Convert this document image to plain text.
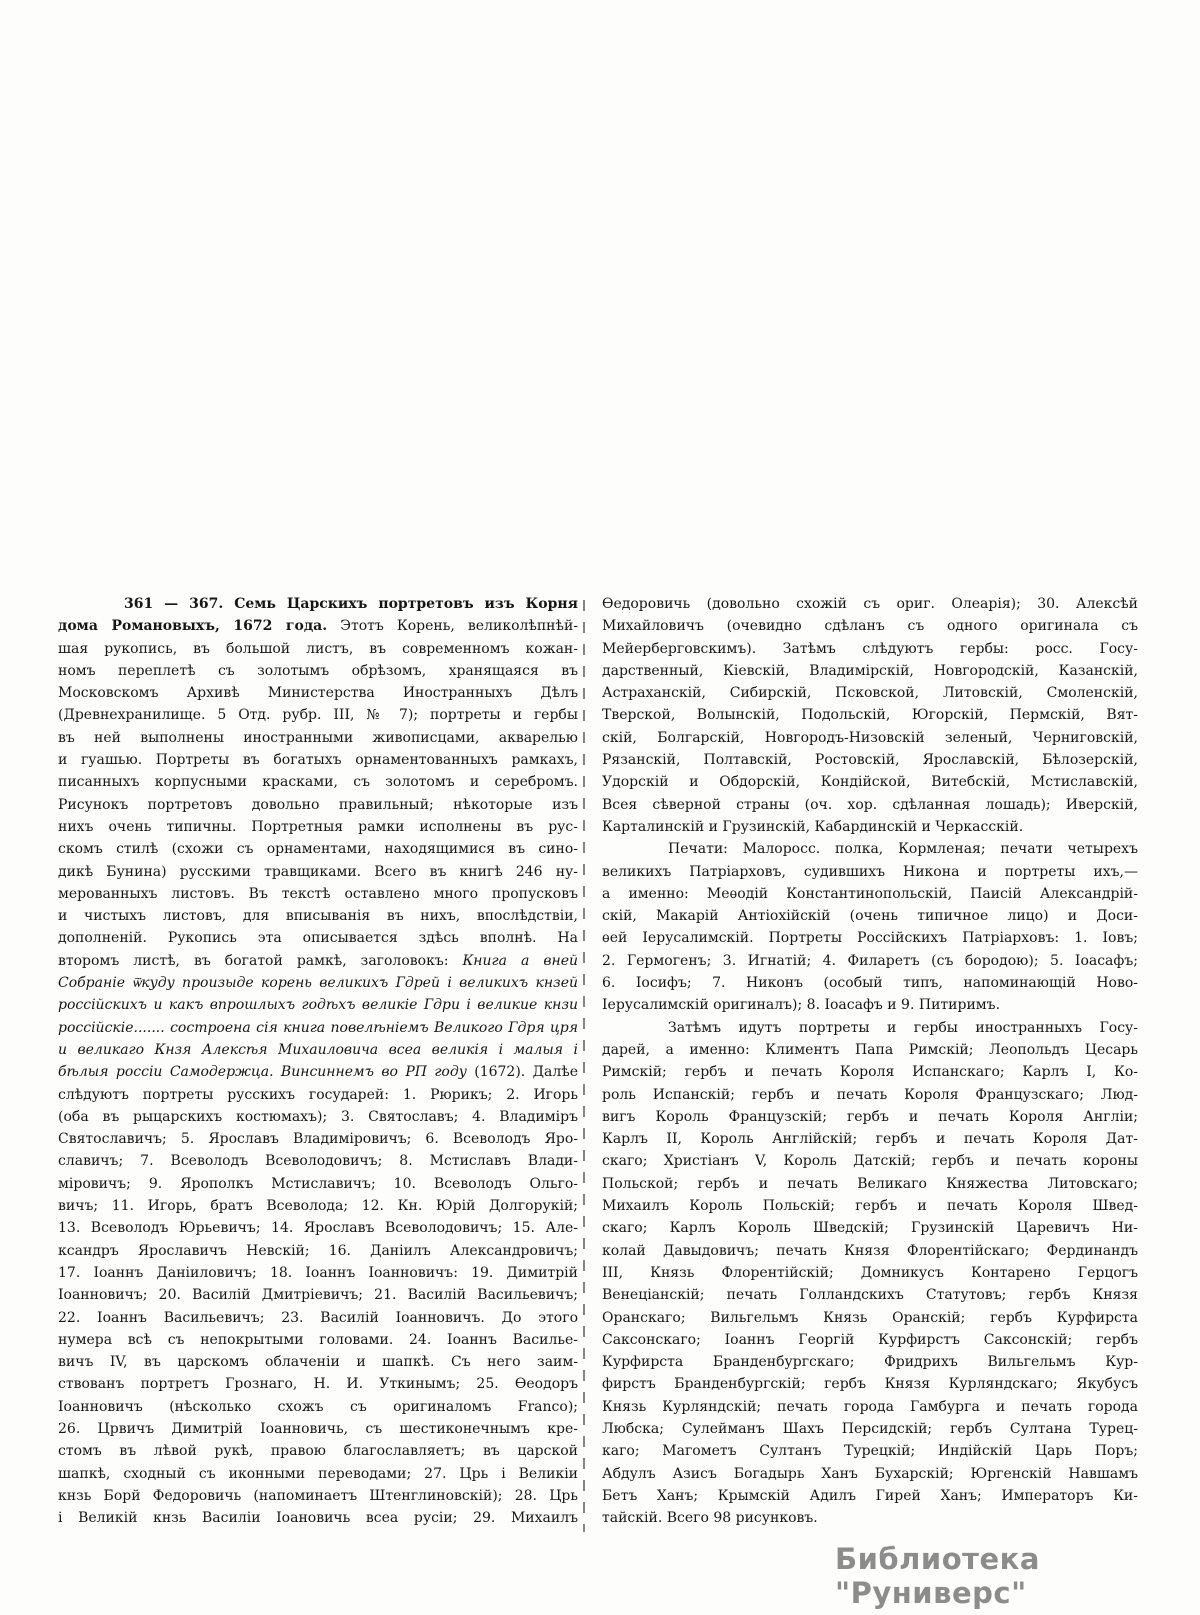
361 — 367. Семь Царскихъ портретовъ изъ Корня
дома Романовыхъ, 1672 года. Этотъ Корень, великолѣпнѣй-
шая рукопись, въ большой листъ, въ современномъ кожан-
номъ переплетѣ съ золотымъ обрѣзомъ, хранящаяся въ
Московскомъ Архивѣ Министерства Иностранныхъ Дѣлъ
(Древнехранилище. 5 Отд. рубр. III, № 7); портреты и гербы
въ ней выполнены иностранными живописцами, акварелью
и гуашью. Портреты въ богатыхъ орнаментованныхъ рамкахъ,
писанныхъ корпусными красками, съ золотомъ и серебромъ.
Рисунокъ портретовъ довольно правильный; нѣкоторые изъ
нихъ очень типичны. Портретныя рамки исполнены въ рус-
скомъ стилѣ (схожи съ орнаментами, находящимися въ сино-
дикѣ Бунина) русскими травщиками. Всего въ книгѣ 246 ну-
мерованныхъ листовъ. Въ текстѣ оставлено много пропусковъ
и чистыхъ листовъ, для вписыванія въ нихъ, впослѣдствіи,
дополненій. Рукопись эта описывается здѣсь вполнѣ. На
второмъ листѣ, въ богатой рамкѣ, заголовокъ: Книга а вней
Собраніе ѿкуду произыде корень великихъ Гдрей і великихъ кнзей
россійскихъ и какъ впрошлыхъ годѣхъ великіе Гдри і великие кнзи
россійскіе....... состроена сія книга повелѣніемъ Великого Гдря цря
и великаго Кнзя Алексѣя Михаиловича всеа великія і малыя і
бѣлыя россіи Самодержца. Винсиннемъ во РП году (1672). Далѣе
слѣдуютъ портреты русскихъ государей: 1. Рюрикъ; 2. Игорь
(оба въ рыцарскихъ костюмахъ); 3. Святославъ; 4. Владиміръ
Святославичъ; 5. Ярославъ Владиміровичъ; 6. Всеволодъ Яро-
славичъ; 7. Всеволодъ Всеволодовичъ; 8. Мстиславъ Влади-
міровичъ; 9. Ярополкъ Мстиславичъ; 10. Всеволодъ Ольго-
вичъ; 11. Игорь, братъ Всеволода; 12. Кн. Юрій Долгорукій;
13. Всеволодъ Юрьевичъ; 14. Ярославъ Всеволодовичъ; 15. Але-
ксандръ Ярославичъ Невскій; 16. Даніилъ Александровичъ;
17. Іоаннъ Даніиловичъ; 18. Іоаннъ Іоанновичъ: 19. Димитрій
Іоанновичъ; 20. Василій Дмитріевичъ; 21. Василій Васильевичъ;
22. Іоаннъ Васильевичъ; 23. Василій Іоанновичъ. До этого
нумера всѣ съ непокрытыми головами. 24. Іоаннъ Василье-
вичъ IV, въ царскомъ облаченіи и шапкѣ. Съ него заим-
ствованъ портретъ Грознаго, Н. И. Уткинымъ; 25. Ѳеодоръ
Іоанновичъ (нѣсколько схожъ съ оригиналомъ Franco);
26. Црвичъ Димитрій Іоанновичь, съ шестиконечнымъ кре-
стомъ въ лѣвой рукѣ, правою благославляетъ; въ царской
шапкѣ, сходный съ иконными переводами; 27. Црь і Великіи
кнзь Борй Федоровичь (напоминаетъ Штенглиновскій); 28. Црь
і Великій кнзь Василіи Іоановичь всеа русіи; 29. Михаилъ
Ѳедоровичь (довольно схожій съ ориг. Олеарія); 30. Алексѣй
Михайловичъ (очевидно сдѣланъ съ одного оригинала съ
Мейерберговскимъ). Затѣмъ слѣдуютъ гербы: росс. Госу-
дарственный, Кіевскій, Владимірскій, Новгородскій, Казанскій,
Астраханскій, Сибирскій, Псковской, Литовскій, Смоленскій,
Тверской, Волынскій, Подольскій, Югорскій, Пермскій, Вят-
скій, Болгарскій, Новгородъ-Низовскій зеленый, Черниговскій,
Рязанскій, Полтавскій, Ростовскій, Ярославскій, Бѣлозерскій,
Удорскій и Обдорскій, Кондійской, Витебскій, Мстиславскій,
Всея сѣверной страны (оч. хор. сдѣланная лошадь); Иверскій,
Карталинскій и Грузинскій, Кабардинскій и Черкасскій.
Печати: Малоросс. полка, Кормленая; печати четырехъ
великихъ Патріарховъ, судившихъ Никона и портреты ихъ,—
а именно: Меѳодій Константинопольскій, Паисій Александрій-
скій, Макарій Антіохійскій (очень типичное лицо) и Доси-
ѳей Іерусалимскій. Портреты Россійскихъ Патріарховъ: 1. Іовъ;
2. Гермогенъ; 3. Игнатій; 4. Филаретъ (съ бородою); 5. Іоасафъ;
6. Іосифъ; 7. Никонъ (особый типъ, напоминающій Ново-
Іерусалимскій оригиналъ); 8. Іоасафъ и 9. Питиримъ.
Затѣмъ идутъ портреты и гербы иностранныхъ Госу-
дарей, а именно: Климентъ Папа Римскій; Леопольдъ Цесарь
Римскій; гербъ и печать Короля Испанскаго; Карлъ I, Ко-
роль Испанскій; гербъ и печать Короля Французскаго; Люд-
вигъ Король Французскій; гербъ и печать Короля Англіи;
Карлъ II, Король Англійскій; гербъ и печать Короля Дат-
скаго; Христіанъ V, Король Датскій; гербъ и печать короны
Польской; гербъ и печать Великаго Княжества Литовскаго;
Михаилъ Король Польскій; гербъ и печать Короля Швед-
скаго; Карлъ Король Шведскій; Грузинскій Царевичъ Ни-
колай Давыдовичъ; печать Князя Флорентійскаго; Фердинандъ
III, Князь Флорентійскій; Домникусъ Контарено Герцогъ
Венеціанскій; печать Голландскихъ Статутовъ; гербъ Князя
Оранскаго; Вильгельмъ Князь Оранскій; гербъ Курфирста
Саксонскаго; Іоаннъ Георгій Курфирстъ Саксонскій; гербъ
Курфирста Бранденбургскаго; Фридрихъ Вильгельмъ Кур-
фирстъ Бранденбургскій; гербъ Князя Курляндскаго; Якубусъ
Князь Курляндскій; печать города Гамбурга и печать города
Любска; Сулейманъ Шахъ Персидскій; гербъ Султана Турец-
каго; Магометъ Султанъ Турецкій; Индійскій Царь Поръ;
Абдулъ Азисъ Богадырь Ханъ Бухарскій; Юргенскій Навшамъ
Бетъ Ханъ; Крымскій Адилъ Гирей Ханъ; Императоръ Ки-
тайскій. Всего 98 рисунковъ.
Библиотека "Руниверс"
